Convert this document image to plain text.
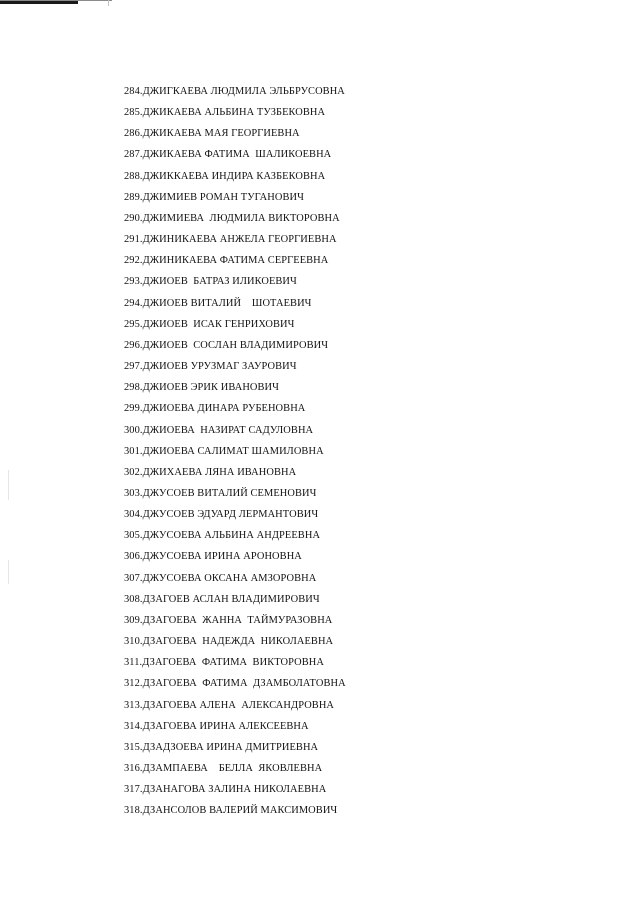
284.ДЖИГКАЕВА ЛЮДМИЛА ЭЛЬБРУСОВНА
285.ДЖИКАЕВА АЛЬБИНА ТУЗБЕКОВНА
286.ДЖИКАЕВА МАЯ ГЕОРГИЕВНА
287.ДЖИКАЕВА ФАТИМА  ШАЛИКОЕВНА
288.ДЖИККАЕВА ИНДИРА КАЗБЕКОВНА
289.ДЖИМИЕВ РОМАН ТУГАНОВИЧ
290.ДЖИМИЕВА  ЛЮДМИЛА ВИКТОРОВНА
291.ДЖИНИКАЕВА АНЖЕЛА ГЕОРГИЕВНА
292.ДЖИНИКАЕВА ФАТИМА СЕРГЕЕВНА
293.ДЖИОЕВ  БАТРАЗ ИЛИКОЕВИЧ
294.ДЖИОЕВ ВИТАЛИЙ    ШОТАЕВИЧ
295.ДЖИОЕВ  ИСАК ГЕНРИХОВИЧ
296.ДЖИОЕВ  СОСЛАН ВЛАДИМИРОВИЧ
297.ДЖИОЕВ УРУЗМАГ ЗАУРОВИЧ
298.ДЖИОЕВ ЭРИК ИВАНОВИЧ
299.ДЖИОЕВА ДИНАРА РУБЕНОВНА
300.ДЖИОЕВА  НАЗИРАТ САДУЛОВНА
301.ДЖИОЕВА САЛИМАТ ШАМИЛОВНА
302.ДЖИХАЕВА ЛЯНА ИВАНОВНА
303.ДЖУСОЕВ ВИТАЛИЙ СЕМЕНОВИЧ
304.ДЖУСОЕВ ЭДУАРД ЛЕРМАНТОВИЧ
305.ДЖУСОЕВА АЛЬБИНА АНДРЕЕВНА
306.ДЖУСОЕВА ИРИНА АРОНОВНА
307.ДЖУСОЕВА ОКСАНА АМЗОРОВНА
308.ДЗАГОЕВ АСЛАН ВЛАДИМИРОВИЧ
309.ДЗАГОЕВА  ЖАННА  ТАЙМУРАЗОВНА
310.ДЗАГОЕВА  НАДЕЖДА  НИКОЛАЕВНА
311.ДЗАГОЕВА  ФАТИМА  ВИКТОРОВНА
312.ДЗАГОЕВА  ФАТИМА  ДЗАМБОЛАТОВНА
313.ДЗАГОЕВА АЛЕНА  АЛЕКСАНДРОВНА
314.ДЗАГОЕВА ИРИНА АЛЕКСЕЕВНА
315.ДЗАДЗОЕВА ИРИНА ДМИТРИЕВНА
316.ДЗАМПАЕВА    БЕЛЛА  ЯКОВЛЕВНА
317.ДЗАНАГОВА ЗАЛИНА НИКОЛАЕВНА
318.ДЗАНСОЛОВ ВАЛЕРИЙ МАКСИМОВИЧ
